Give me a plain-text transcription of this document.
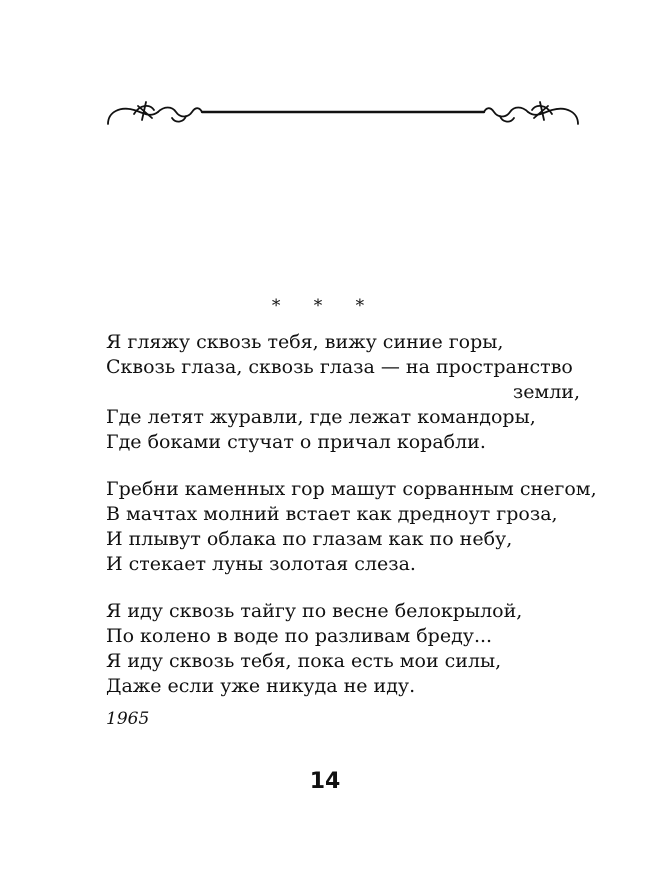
* * *
Я гляжу сквозь тебя, вижу синие горы,
Сквозь глаза, сквозь глаза — на пространство
земли,
Где летят журавли, где лежат командоры,
Где боками стучат о причал корабли.
Гребни каменных гор машут сорванным снегом,
В мачтах молний встает как дредноут гроза,
И плывут облака по глазам как по небу,
И стекает луны золотая слеза.
Я иду сквозь тайгу по весне белокрылой,
По колено в воде по разливам бреду...
Я иду сквозь тебя, пока есть мои силы,
Даже если уже никуда не иду.
1965
14
